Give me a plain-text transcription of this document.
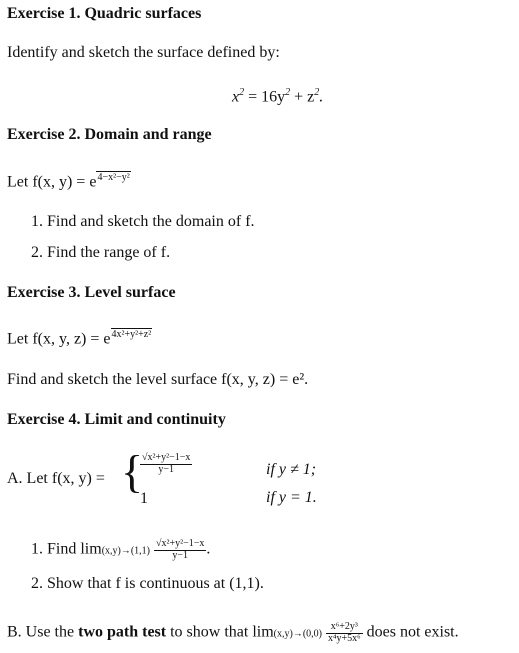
Exercise 1. Quadric surfaces
Identify and sketch the surface defined by:
$x^2 = 16y^2 + z^2$.
Exercise 2. Domain and range
Let f(x, $y) = e^{4-x^2-y^2}$
1. Find and sketch the domain of f.
2. Find the range of f.
Exercise 3. Level surface
Let f(x, y, $z) = e^{4x^2+y^2+z^2}$
Find and sketch the level surface f(x, y, z) = e².
Exercise 4. Limit and continuity
A. Let f(x, y) = {
$\frac{\text{√x²+y²−1−x}}{y-1}$	if y ≠ 1;
1	if y = 1.
1. Find $\lim(x,y)\to(1,1) \frac{\text{√x²+y²−1−x}}{y-1}$ .
2. Show that f is continuous at (1,1).
B. Use the two path test to show that $\lim(x,y)\to(0,0) \frac{\text{x⁶+2y³}}{\text{x⁴y+5x⁶}}$ does not exist.
